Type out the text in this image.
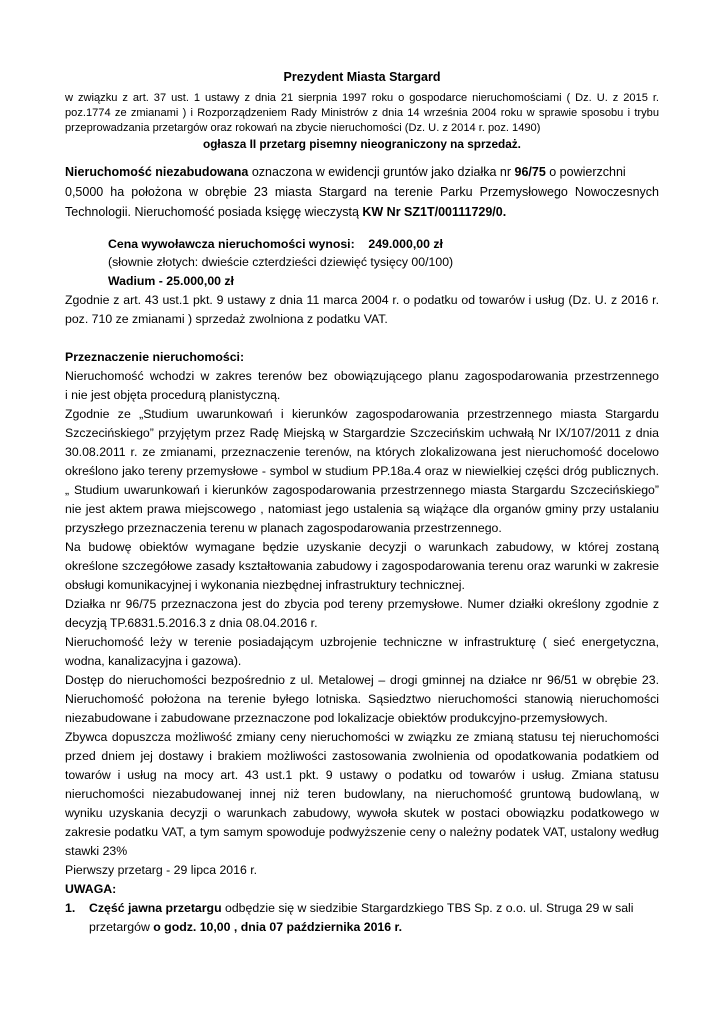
Prezydent Miasta Stargard
w związku z art. 37 ust. 1 ustawy z dnia 21 sierpnia 1997 roku o gospodarce nieruchomościami ( Dz. U. z 2015 r.
poz.1774 ze zmianami ) i Rozporządzeniem Rady Ministrów z dnia 14 września 2004 roku w sprawie sposobu i trybu
przeprowadzania przetargów oraz rokowań na zbycie nieruchomości (Dz. U. z 2014 r. poz. 1490)
ogłasza II przetarg pisemny nieograniczony na sprzedaż.
Nieruchomość niezabudowana oznaczona w ewidencji gruntów jako działka nr 96/75 o powierzchni
0,5000 ha położona w obrębie 23 miasta Stargard na terenie Parku Przemysłowego Nowoczesnych
Technologii. Nieruchomość posiada księgę wieczystą KW Nr SZ1T/00111729/0.
Cena wywoławcza nieruchomości wynosi: 249.000,00 zł
(słownie złotych: dwieście czterdzieści dziewięć tysięcy 00/100)
Wadium - 25.000,00 zł
Zgodnie z art. 43 ust.1 pkt. 9 ustawy z dnia 11 marca 2004 r. o podatku od towarów i usług (Dz. U. z 2016 r.
poz. 710 ze zmianami ) sprzedaż zwolniona z podatku VAT.
Przeznaczenie nieruchomości:
Nieruchomość wchodzi w zakres terenów bez obowiązującego planu zagospodarowania przestrzennego
i nie jest objęta procedurą planistyczną.
Zgodnie ze „Studium uwarunkowań i kierunków zagospodarowania przestrzennego miasta Stargardu
Szczecińskiego” przyjętym przez Radę Miejską w Stargardzie Szczecińskim uchwałą Nr IX/107/2011 z dnia
30.08.2011 r. ze zmianami, przeznaczenie terenów, na których zlokalizowana jest nieruchomość docelowo
określono jako tereny przemysłowe - symbol w studium PP.18a.4 oraz w niewielkiej części dróg publicznych.
„ Studium uwarunkowań i kierunków zagospodarowania przestrzennego miasta Stargardu Szczecińskiego”
nie jest aktem prawa miejscowego , natomiast jego ustalenia są wiążące dla organów gminy przy ustalaniu
przyszłego przeznaczenia terenu w planach zagospodarowania przestrzennego.
Na budowę obiektów wymagane będzie uzyskanie decyzji o warunkach zabudowy, w której zostaną
określone szczegółowe zasady kształtowania zabudowy i zagospodarowania terenu oraz warunki w zakresie
obsługi komunikacyjnej i wykonania niezbędnej infrastruktury technicznej.
Działka nr 96/75 przeznaczona jest do zbycia pod tereny przemysłowe. Numer działki określony zgodnie z
decyzją TP.6831.5.2016.3 z dnia 08.04.2016 r.
Nieruchomość leży w terenie posiadającym uzbrojenie techniczne w infrastrukturę ( sieć energetyczna,
wodna, kanalizacyjna i gazowa).
Dostęp do nieruchomości bezpośrednio z ul. Metalowej – drogi gminnej na działce nr 96/51 w obrębie 23.
Nieruchomość położona na terenie byłego lotniska. Sąsiedztwo nieruchomości stanowią nieruchomości
niezabudowane i zabudowane przeznaczone pod lokalizacje obiektów produkcyjno-przemysłowych.
Zbywca dopuszcza możliwość zmiany ceny nieruchomości w związku ze zmianą statusu tej nieruchomości
przed dniem jej dostawy i brakiem możliwości zastosowania zwolnienia od opodatkowania podatkiem od
towarów i usług na mocy art. 43 ust.1 pkt. 9 ustawy o podatku od towarów i usług. Zmiana statusu
nieruchomości niezabudowanej innej niż teren budowlany, na nieruchomość gruntową budowlaną, w
wyniku uzyskania decyzji o warunkach zabudowy, wywoła skutek w postaci obowiązku podatkowego w
zakresie podatku VAT, a tym samym spowoduje podwyższenie ceny o należny podatek VAT, ustalony według
stawki 23%
Pierwszy przetarg - 29 lipca 2016 r.
UWAGA:
1. Część jawna przetargu odbędzie się w siedzibie Stargardzkiego TBS Sp. z o.o. ul. Struga 29 w sali
przetargów o godz. 10,00 , dnia 07 października 2016 r.
